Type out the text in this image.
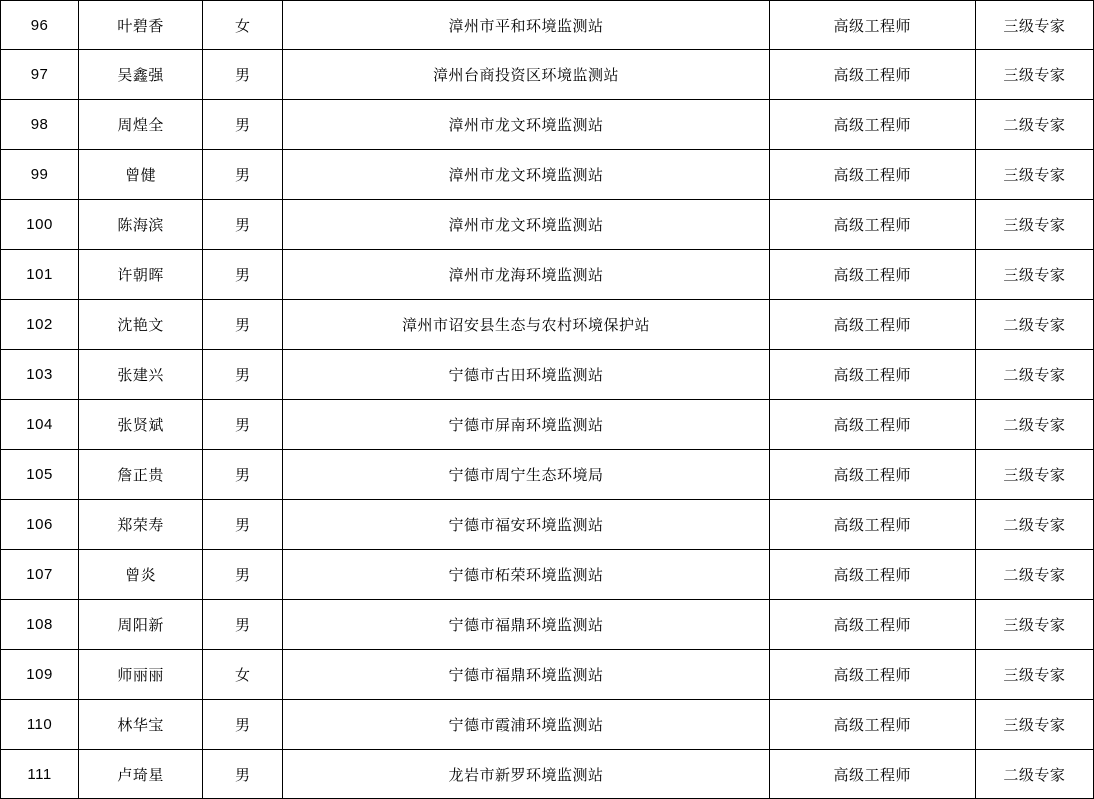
96	叶碧香	女	漳州市平和环境监测站	高级工程师	三级专家
97	吴鑫强	男	漳州台商投资区环境监测站	高级工程师	三级专家
98	周煌全	男	漳州市龙文环境监测站	高级工程师	二级专家
99	曾健	男	漳州市龙文环境监测站	高级工程师	三级专家
100	陈海滨	男	漳州市龙文环境监测站	高级工程师	三级专家
101	许朝晖	男	漳州市龙海环境监测站	高级工程师	三级专家
102	沈艳文	男	漳州市诏安县生态与农村环境保护站	高级工程师	二级专家
103	张建兴	男	宁德市古田环境监测站	高级工程师	二级专家
104	张贤斌	男	宁德市屏南环境监测站	高级工程师	二级专家
105	詹正贵	男	宁德市周宁生态环境局	高级工程师	三级专家
106	郑荣寿	男	宁德市福安环境监测站	高级工程师	二级专家
107	曾炎	男	宁德市柘荣环境监测站	高级工程师	二级专家
108	周阳新	男	宁德市福鼎环境监测站	高级工程师	三级专家
109	师丽丽	女	宁德市福鼎环境监测站	高级工程师	三级专家
110	林华宝	男	宁德市霞浦环境监测站	高级工程师	三级专家
111	卢琦星	男	龙岩市新罗环境监测站	高级工程师	二级专家
